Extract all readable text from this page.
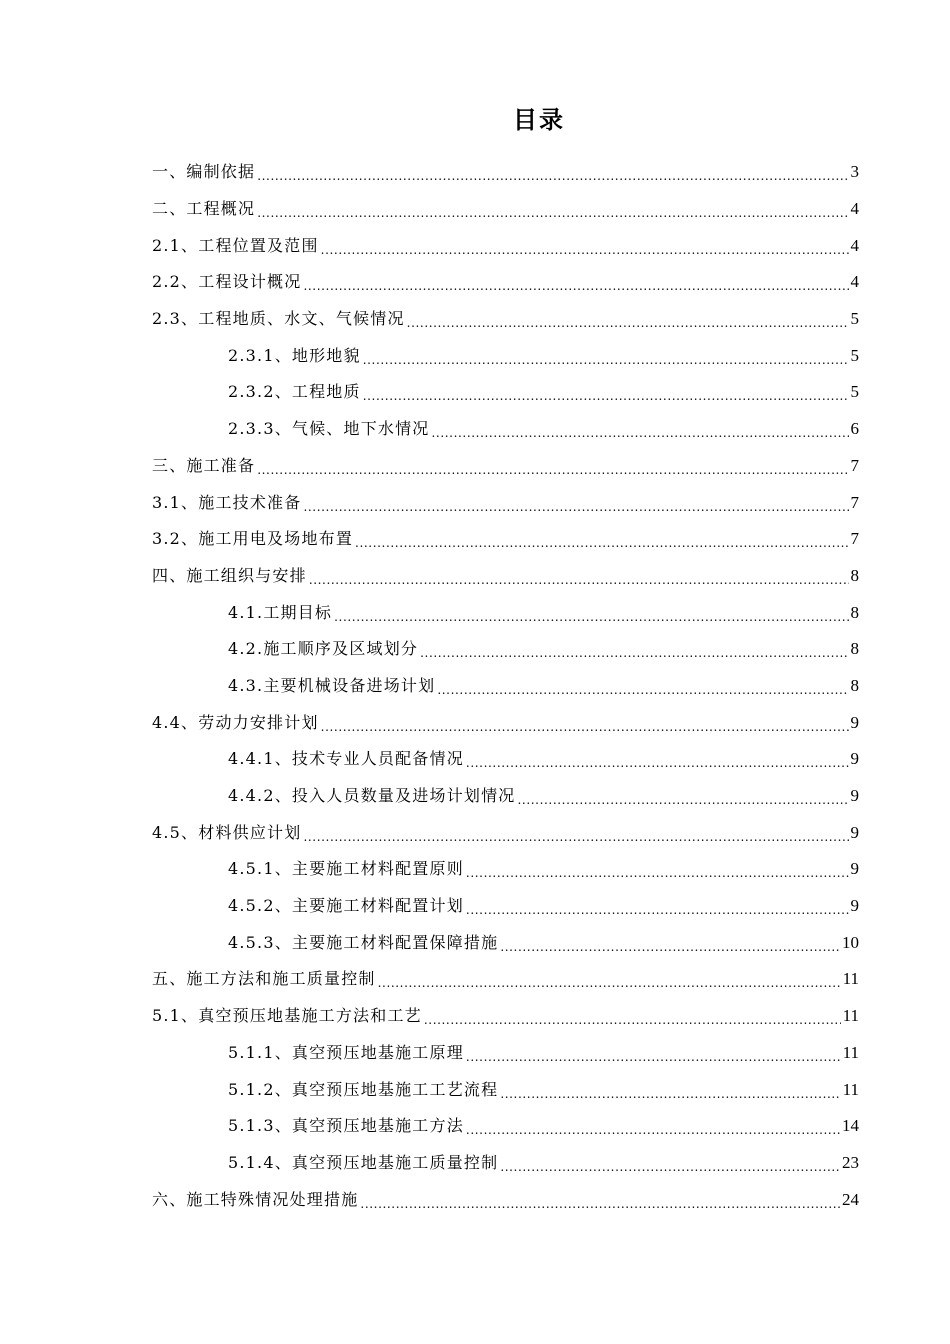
目录
一、编制依据 .....	3
二、工程概况 .....	4
2.1、工程位置及范围 .....	4
2.2、工程设计概况 .....	4
2.3、工程地质、水文、气候情况 .....	5
2.3.1、地形地貌 .....	5
2.3.2、工程地质 .....	5
2.3.3、气候、地下水情况 .....	6
三、施工准备 .....	7
3.1、施工技术准备 .....	7
3.2、施工用电及场地布置 .....	7
四、施工组织与安排 .....	8
4.1.工期目标 .....	8
4.2.施工顺序及区域划分 .....	8
4.3.主要机械设备进场计划 .....	8
4.4、劳动力安排计划 .....	9
4.4.1、技术专业人员配备情况 .....	9
4.4.2、投入人员数量及进场计划情况 .....	9
4.5、材料供应计划 .....	9
4.5.1、主要施工材料配置原则 .....	9
4.5.2、主要施工材料配置计划 .....	9
4.5.3、主要施工材料配置保障措施 .....	10
五、施工方法和施工质量控制 .....	11
5.1、真空预压地基施工方法和工艺 .....	11
5.1.1、真空预压地基施工原理 .....	11
5.1.2、真空预压地基施工工艺流程 .....	11
5.1.3、真空预压地基施工方法 .....	14
5.1.4、真空预压地基施工质量控制 .....	23
六、施工特殊情况处理措施 .....	24
